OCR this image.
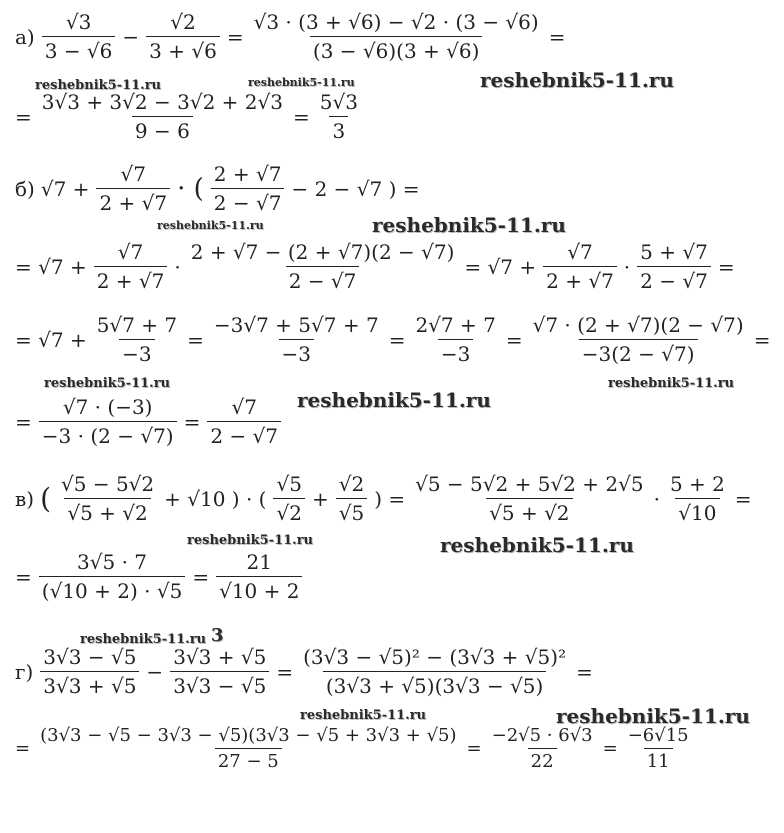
$а) \frac{√3}{3 - √6} - \frac{√2}{3 + √6} = \frac{√3 \cdot (3 + √6) - √2 \cdot (3 - √6)}{(3 - √6)(3 + √6)}$ =
= $\frac{3√3 + 3√2 - 3√2 + 2√3}{9 - 6} = \frac{5√3}{3}$
б) $√7 + \frac{√7}{2 + √7}$ · ( $\frac{2 + √7}{2 - √7} - 2 - √7$ ) =
= $√7 + \frac{√7}{2 + √7} \cdot \frac{2 + √7 - (2 + √7)(2 - √7)}{2 - √7} = √7 + \frac{√7}{2 + √7} \cdot \frac{5 + √7}{2 - √7}$ =
= $√7 + \frac{5√7 + 7}{-3} = \frac{-3√7 + 5√7 + 7}{-3} = \frac{2√7 + 7}{-3} = \frac{√7 \cdot (2 + √7)(2 - √7)}{-3(2 - √7)}$ =
= $\frac{√7 \cdot (-3)}{-3 \cdot (2 - √7)} = \frac{√7}{2 - √7}$
в) ( $\frac{√5 - 5√2}{√5 + √2} + √10$ ) · ( $\frac{√5}{√2} + \frac{√2}{√5}$ ) = $\frac{√5 - 5√2 + 5√2 + 2√5}{√5 + √2} \cdot \frac{5 + 2}{√10}$ =
= $\frac{3√5 \cdot 7}{(√10 + 2) \cdot √5} = \frac{21}{√10 + 2}$
$г) \frac{3√3 - √5}{3√3 + √5} - \frac{3√3 + √5}{3√3 - √5} = \frac{\text{(3√3 − √5)² − (3√3 + √5)²}}{(3√3 + √5)(3√3 - √5)}$ =
= $\frac{(3√3 - √5 - 3√3 - √5)(3√3 - √5 + 3√3 + √5)}{27 - 5} = \frac{-2√5 \cdot 6√3}{22} = \frac{-6√15}{11}$
reshebnik5-11.ru	reshebnik5-11.ru	reshebnik5-11.ru
reshebnik5-11.ru	reshebnik5-11.ru
reshebnik5-11.ru
reshebnik5-11.ru
reshebnik5-11.ru
reshebnik5-11.ru	reshebnik5-11.ru
reshebnik5-11.ru 3
reshebnik5-11.ru	reshebnik5-11.ru
